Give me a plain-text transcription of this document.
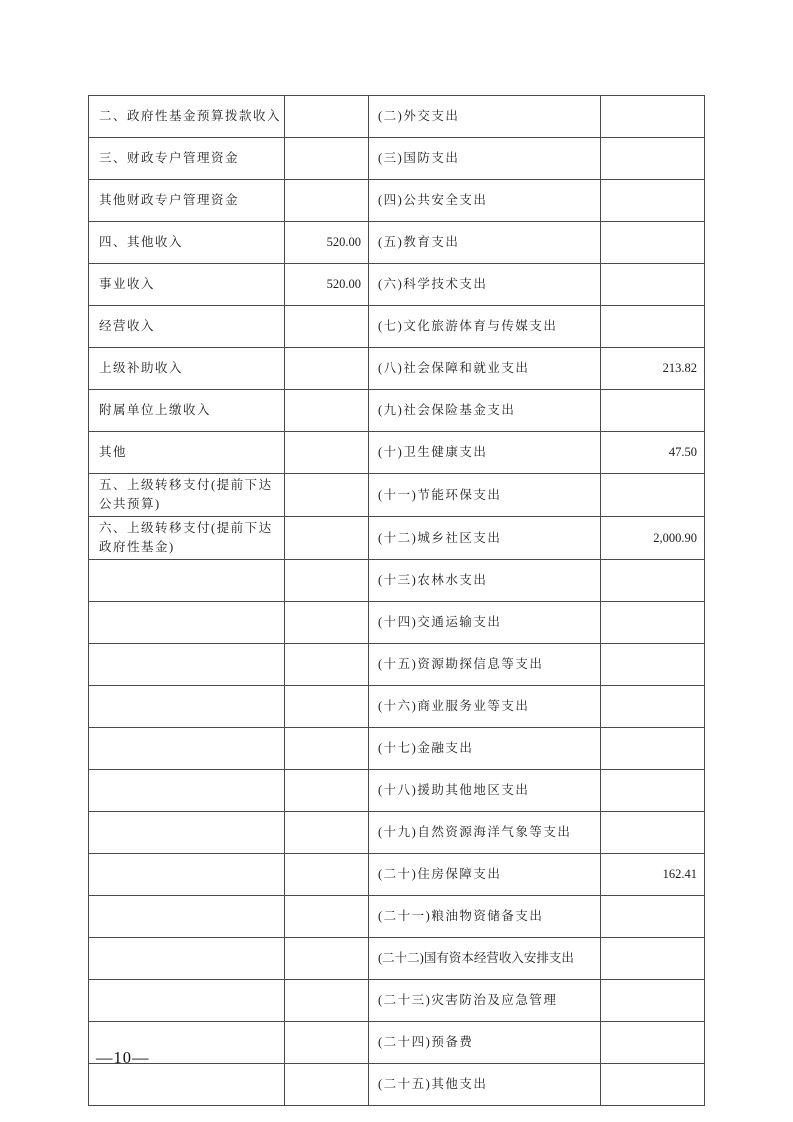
二、政府性基金预算拨款收入		(二)外交支出	
三、财政专户管理资金		(三)国防支出	
其他财政专户管理资金		(四)公共安全支出	
四、其他收入	520.00	(五)教育支出	
事业收入	520.00	(六)科学技术支出	
经营收入		(七)文化旅游体育与传媒支出	
上级补助收入		(八)社会保障和就业支出	213.82
附属单位上缴收入		(九)社会保险基金支出	
其他		(十)卫生健康支出	47.50
五、上级转移支付(提前下达公共预算)		(十一)节能环保支出	
六、上级转移支付(提前下达政府性基金)		(十二)城乡社区支出	2,000.90
		(十三)农林水支出	
		(十四)交通运输支出	
		(十五)资源勘探信息等支出	
		(十六)商业服务业等支出	
		(十七)金融支出	
		(十八)援助其他地区支出	
		(十九)自然资源海洋气象等支出	
		(二十)住房保障支出	162.41
		(二十一)粮油物资储备支出	
		(二十二)国有资本经营收入安排支出	
		(二十三)灾害防治及应急管理	
		(二十四)预备费	
		(二十五)其他支出	
—10—
